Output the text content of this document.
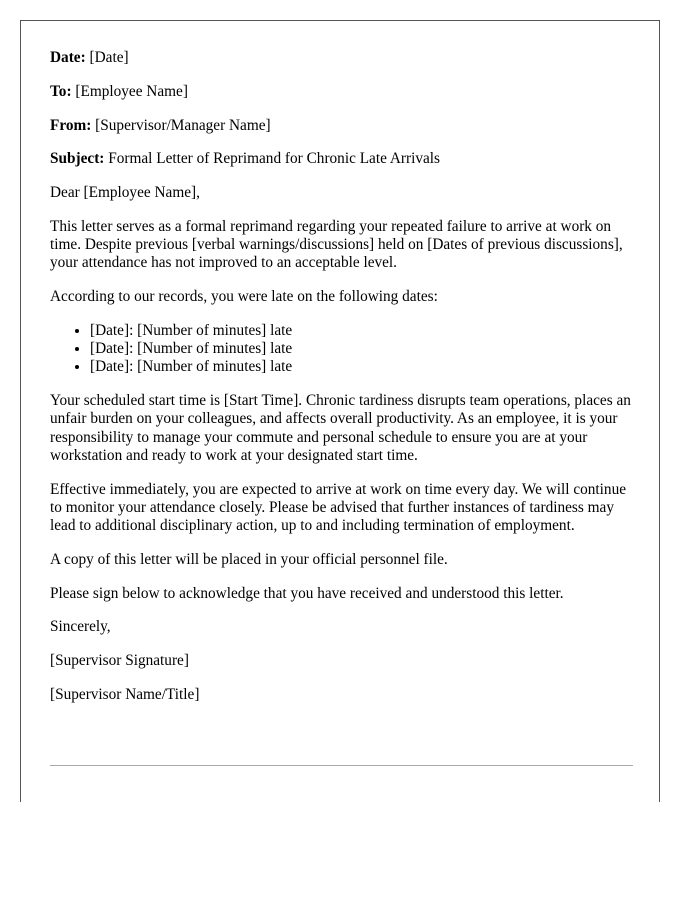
Date: [Date]

To: [Employee Name]

From: [Supervisor/Manager Name]

Subject: Formal Letter of Reprimand for Chronic Late Arrivals

Dear [Employee Name],

This letter serves as a formal reprimand regarding your repeated failure to arrive at work on time. Despite previous [verbal warnings/discussions] held on [Dates of previous discussions], your attendance has not improved to an acceptable level.

According to our records, you were late on the following dates:

• [Date]: [Number of minutes] late
• [Date]: [Number of minutes] late
• [Date]: [Number of minutes] late

Your scheduled start time is [Start Time]. Chronic tardiness disrupts team operations, places an unfair burden on your colleagues, and affects overall productivity. As an employee, it is your responsibility to manage your commute and personal schedule to ensure you are at your workstation and ready to work at your designated start time.

Effective immediately, you are expected to arrive at work on time every day. We will continue to monitor your attendance closely. Please be advised that further instances of tardiness may lead to additional disciplinary action, up to and including termination of employment.

A copy of this letter will be placed in your official personnel file.

Please sign below to acknowledge that you have received and understood this letter.

Sincerely,

[Supervisor Signature]

[Supervisor Name/Title]
